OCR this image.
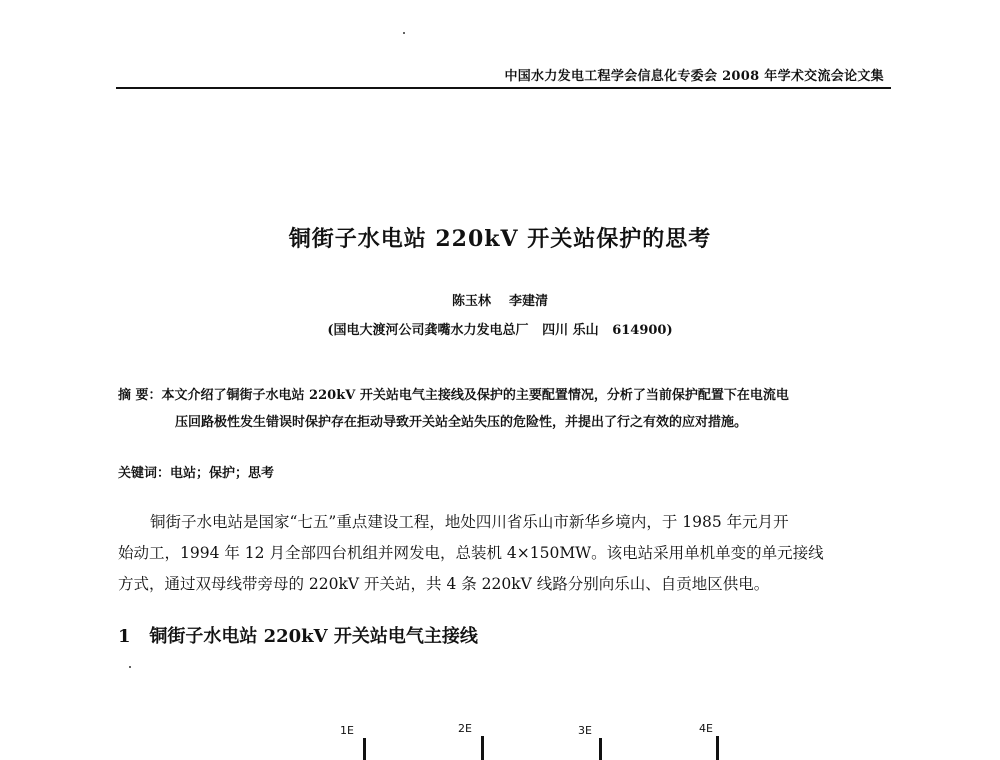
中国水力发电工程学会信息化专委会 2008 年学术交流会论文集
铜街子水电站 220kV 开关站保护的思考
陈玉林    李建清
(国电大渡河公司龚嘴水力发电总厂   四川 乐山   614900)
摘 要：本文介绍了铜街子水电站 220kV 开关站电气主接线及保护的主要配置情况，分析了当前保护配置下在电流电
压回路极性发生错误时保护存在拒动导致开关站全站失压的危险性，并提出了行之有效的应对措施。
关键词：电站；保护；思考
铜街子水电站是国家“七五”重点建设工程，地处四川省乐山市新华乡境内，于 1985 年元月开
始动工，1994 年 12 月全部四台机组并网发电，总装机 4×150MW。该电站采用单机单变的单元接线
方式，通过双母线带旁母的 220kV 开关站，共 4 条 220kV 线路分别向乐山、自贡地区供电。
1 铜街子水电站 220kV 开关站电气主接线
1E	2E	3E	4E
